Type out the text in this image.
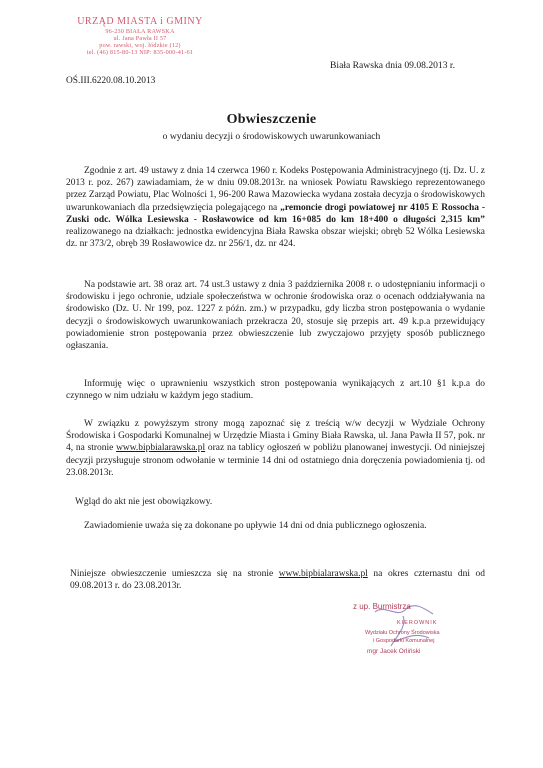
URZĄD MIASTA i GMINY
96-230 BIAŁA RAWSKA
ul. Jana Pawła II 57
pow. rawski, woj. łódzkie (12)
tel. (46) 815-80-13 NIP: 835-000-41-61
Biała Rawska dnia 09.08.2013 r.
OŚ.III.6220.08.10.2013
Obwieszczenie
o wydaniu decyzji o środowiskowych uwarunkowaniach

Zgodnie z art. 49 ustawy z dnia 14 czerwca 1960 r. Kodeks Postępowania Administracyjnego (tj. Dz. U. z 2013 r. poz. 267) zawiadamiam, że w dniu 09.08.2013r. na wniosek Powiatu Rawskiego reprezentowanego przez Zarząd Powiatu, Plac Wolności 1, 96-200 Rawa Mazowiecka wydana została decyzja o środowiskowych uwarunkowaniach dla przedsięwzięcia polegającego na „remoncie drogi powiatowej nr 4105 E Rossocha - Zuski odc. Wólka Lesiewska - Rosławowice od km 16+085 do km 18+400 o długości 2,315 km” realizowanego na działkach: jednostka ewidencyjna Biała Rawska obszar wiejski; obręb 52 Wólka Lesiewska dz. nr 373/2, obręb 39 Rosławowice dz. nr 256/1, dz. nr 424.

Na podstawie art. 38 oraz art. 74 ust.3 ustawy z dnia 3 października 2008 r. o udostępnianiu informacji o środowisku i jego ochronie, udziale społeczeństwa w ochronie środowiska oraz o ocenach oddziaływania na środowisko (Dz. U. Nr 199, poz. 1227 z późn. zm.) w przypadku, gdy liczba stron postępowania o wydanie decyzji o środowiskowych uwarunkowaniach przekracza 20, stosuje się przepis art. 49 k.p.a przewidujący powiadomienie stron postępowania przez obwieszczenie lub zwyczajowo przyjęty sposób publicznego ogłaszania.

Informuję więc o uprawnieniu wszystkich stron postępowania wynikających z art.10 §1 k.p.a do czynnego w nim udziału w każdym jego stadium.

W związku z powyższym strony mogą zapoznać się z treścią w/w decyzji w Wydziale Ochrony Środowiska i Gospodarki Komunalnej w Urzędzie Miasta i Gminy Biała Rawska, ul. Jana Pawła II 57, pok. nr 4, na stronie www.bipbialarawska.pl oraz na tablicy ogłoszeń w pobliżu planowanej inwestycji. Od niniejszej decyzji przysługuje stronom odwołanie w terminie 14 dni od ostatniego dnia doręczenia powiadomienia tj. od 23.08.2013r.

Wgląd do akt nie jest obowiązkowy.

Zawiadomienie uważa się za dokonane po upływie 14 dni od dnia publicznego ogłoszenia.

Niniejsze obwieszczenie umieszcza się na stronie www.bipbialarawska.pl na okres czternastu dni od 09.08.2013 r. do 23.08.2013r.

z up. Burmistrza
KIEROWNIK
Wydziału Ochrony Środowiska
i Gospodarki Komunalnej
mgr Jacek Orliński
